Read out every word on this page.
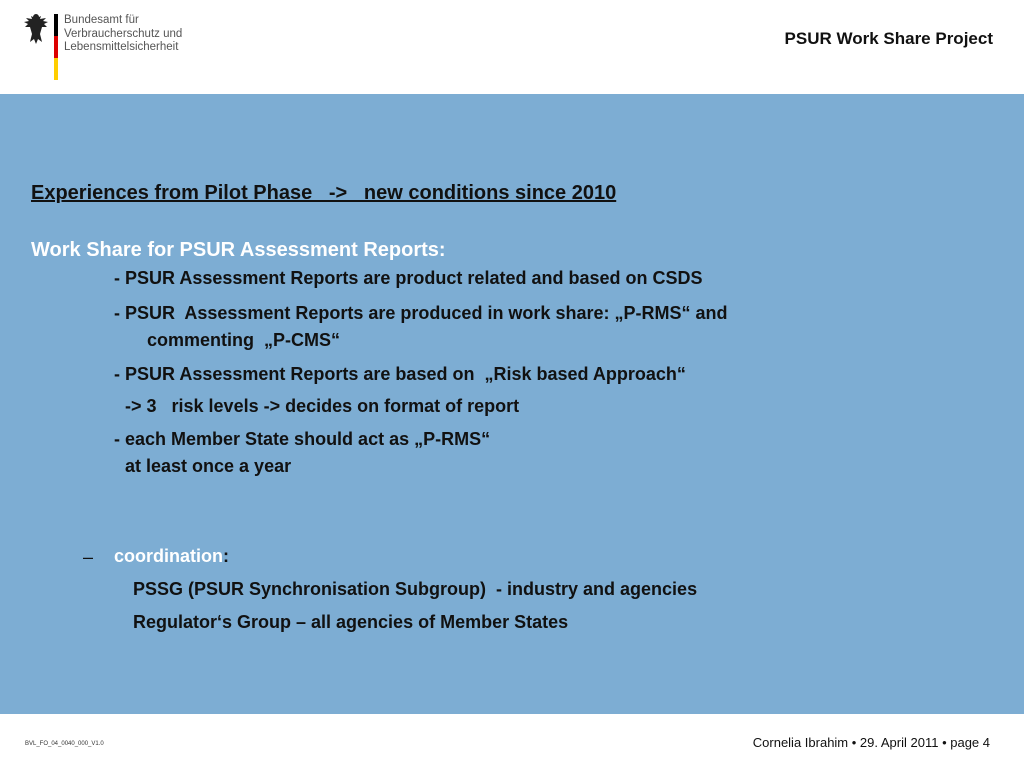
Bundesamt für
Verbraucherschutz und
Lebensmittelsicherheit	PSUR Work Share Project
Experiences from Pilot Phase   ->   new conditions since 2010
Work Share for PSUR Assessment Reports:
- PSUR Assessment Reports are product related and based on CSDS
- PSUR  Assessment Reports are produced in work share: „P-RMS“ and
commenting  „P-CMS“
- PSUR Assessment Reports are based on  „Risk based Approach“
-> 3   risk levels -> decides on format of report
- each Member State should act as „P-RMS“
at least once a year
– coordination:
PSSG (PSUR Synchronisation Subgroup)  - industry and agencies
Regulator‘s Group – all agencies of Member States
BVL_FO_04_0040_000_V1.0	Cornelia Ibrahim • 29. April 2011 • page 4
